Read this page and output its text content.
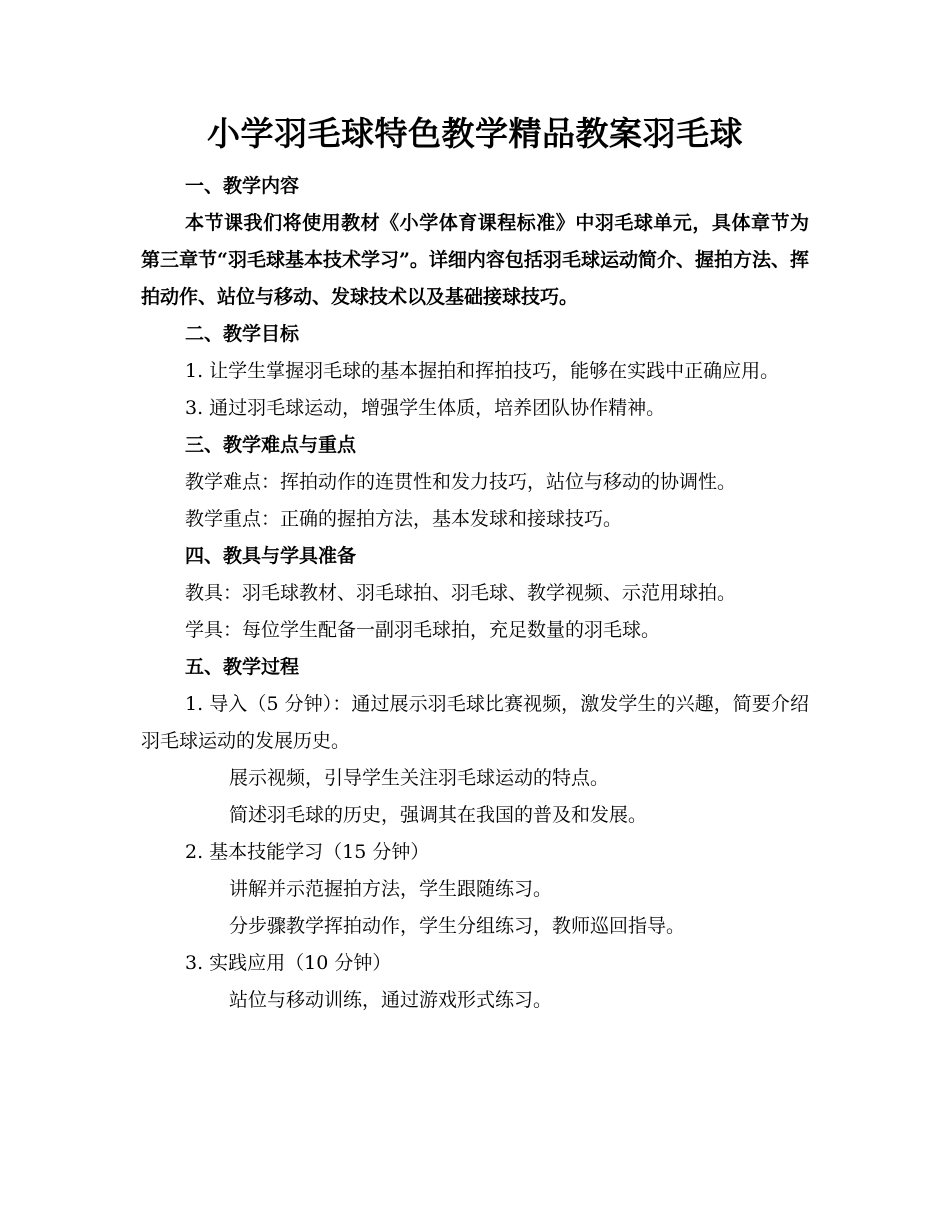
小学羽毛球特色教学精品教案羽毛球

一、教学内容

本节课我们将使用教材《小学体育课程标准》中羽毛球单元，具体章节为第三章节“羽毛球基本技术学习”。详细内容包括羽毛球运动简介、握拍方法、挥拍动作、站位与移动、发球技术以及基础接球技巧。

二、教学目标

1. 让学生掌握羽毛球的基本握拍和挥拍技巧，能够在实践中正确应用。

3. 通过羽毛球运动，增强学生体质，培养团队协作精神。

三、教学难点与重点

教学难点：挥拍动作的连贯性和发力技巧，站位与移动的协调性。

教学重点：正确的握拍方法，基本发球和接球技巧。

四、教具与学具准备

教具：羽毛球教材、羽毛球拍、羽毛球、教学视频、示范用球拍。

学具：每位学生配备一副羽毛球拍，充足数量的羽毛球。

五、教学过程

1. 导入（5 分钟）：通过展示羽毛球比赛视频，激发学生的兴趣，简要介绍羽毛球运动的发展历史。

展示视频，引导学生关注羽毛球运动的特点。

简述羽毛球的历史，强调其在我国的普及和发展。

2. 基本技能学习（15 分钟）

讲解并示范握拍方法，学生跟随练习。

分步骤教学挥拍动作，学生分组练习，教师巡回指导。

3. 实践应用（10 分钟）

站位与移动训练，通过游戏形式练习。
